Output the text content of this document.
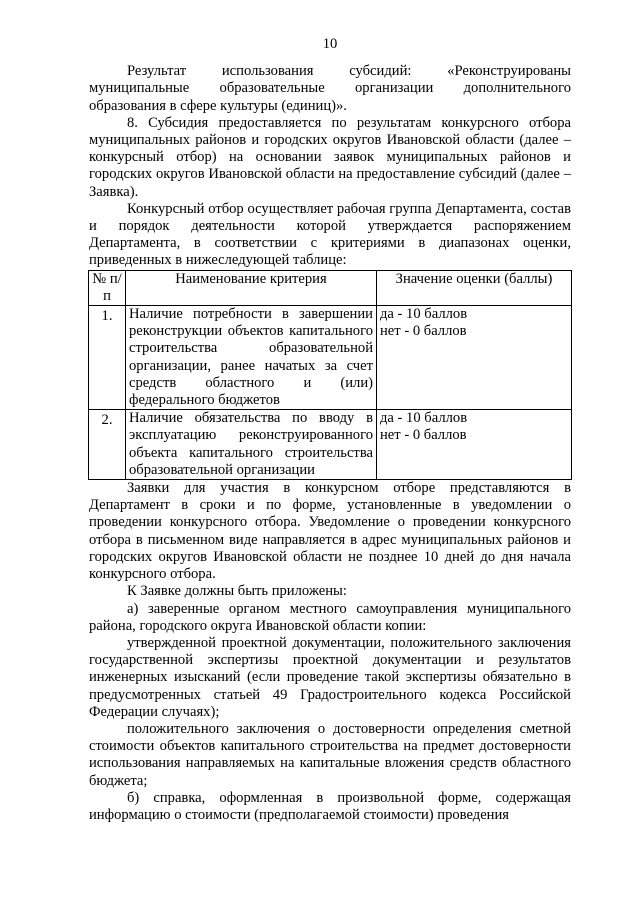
10

Результат использования субсидий: «Реконструированы муниципальные образовательные организации дополнительного образования в сфере культуры (единиц)».

8. Субсидия предоставляется по результатам конкурсного отбора муниципальных районов и городских округов Ивановской области (далее – конкурсный отбор) на основании заявок муниципальных районов и городских округов Ивановской области на предоставление субсидий (далее – Заявка).

Конкурсный отбор осуществляет рабочая группа Департамента, состав и порядок деятельности которой утверждается распоряжением Департамента, в соответствии с критериями в диапазонах оценки, приведенных в нижеследующей таблице:

№ п/п	Наименование критерия	Значение оценки (баллы)
1.	Наличие потребности в завершении реконструкции объектов капитального строительства образовательной организации, ранее начатых за счет средств областного и (или) федерального бюджетов	да - 10 баллов
нет - 0 баллов

2.	Наличие обязательства по вводу в эксплуатацию реконструированного объекта капитального строительства образовательной организации	да - 10 баллов
нет - 0 баллов

Заявки для участия в конкурсном отборе представляются в Департамент в сроки и по форме, установленные в уведомлении о проведении конкурсного отбора. Уведомление о проведении конкурсного отбора в письменном виде направляется в адрес муниципальных районов и городских округов Ивановской области не позднее 10 дней до дня начала конкурсного отбора.

К Заявке должны быть приложены:

а) заверенные органом местного самоуправления муниципального района, городского округа Ивановской области копии:

утвержденной проектной документации, положительного заключения государственной экспертизы проектной документации и результатов инженерных изысканий (если проведение такой экспертизы обязательно в предусмотренных статьей 49 Градостроительного кодекса Российской Федерации случаях);

положительного заключения о достоверности определения сметной стоимости объектов капитального строительства на предмет достоверности использования направляемых на капитальные вложения средств областного бюджета;

б) справка, оформленная в произвольной форме, содержащая информацию о стоимости (предполагаемой стоимости) проведения
